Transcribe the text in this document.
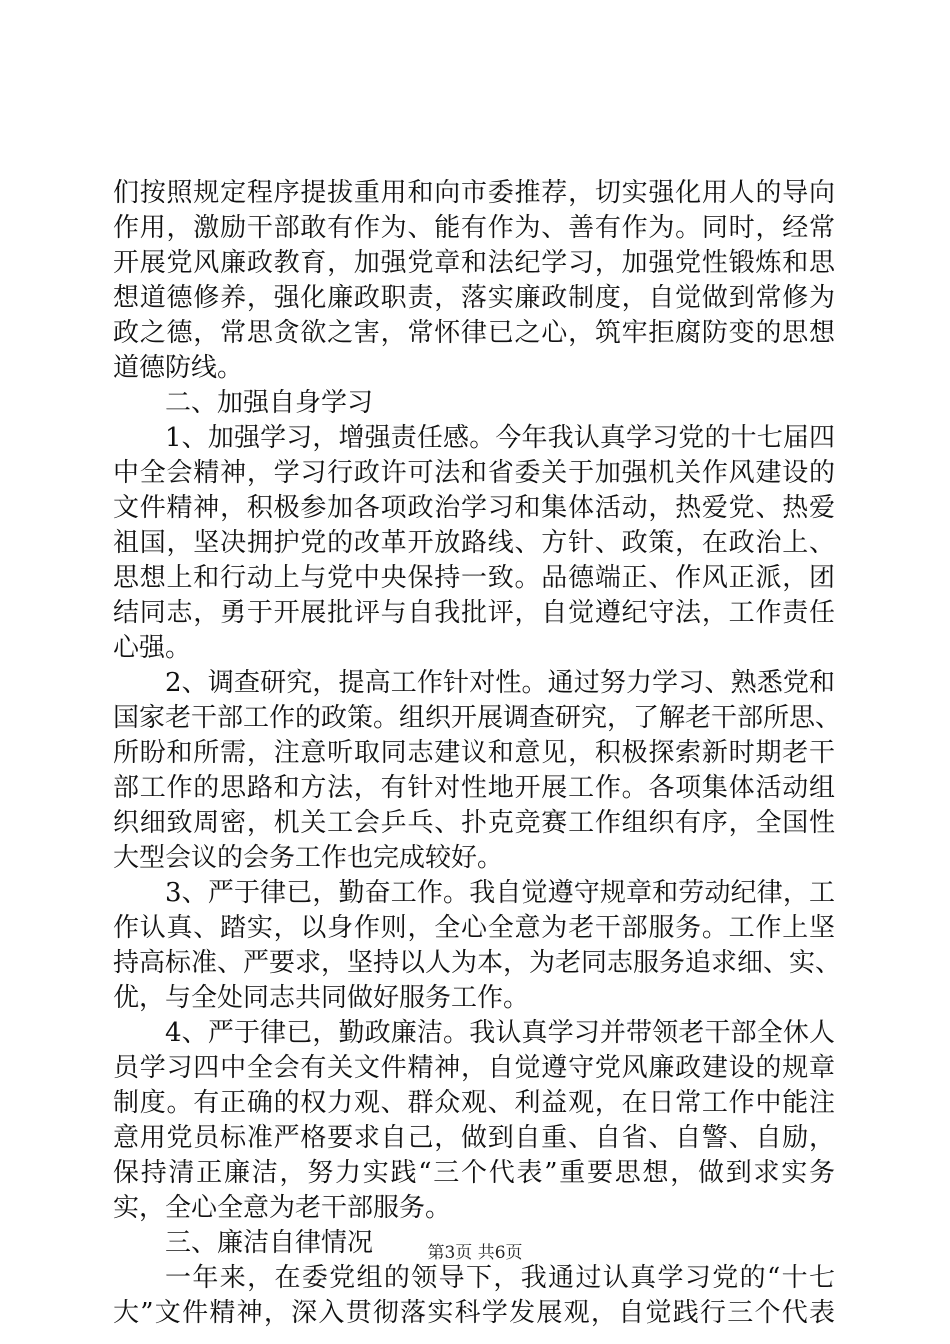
们按照规定程序提拔重用和向市委推荐，切实强化用人的导向
作用，激励干部敢有作为、能有作为、善有作为。同时，经常
开展党风廉政教育，加强党章和法纪学习，加强党性锻炼和思
想道德修养，强化廉政职责，落实廉政制度，自觉做到常修为
政之德，常思贪欲之害，常怀律已之心，筑牢拒腐防变的思想
道德防线。
二、加强自身学习
1、加强学习，增强责任感。今年我认真学习党的十七届四
中全会精神，学习行政许可法和省委关于加强机关作风建设的
文件精神，积极参加各项政治学习和集体活动，热爱党、热爱
祖国，坚决拥护党的改革开放路线、方针、政策，在政治上、
思想上和行动上与党中央保持一致。品德端正、作风正派，团
结同志，勇于开展批评与自我批评，自觉遵纪守法，工作责任
心强。
2、调查研究，提高工作针对性。通过努力学习、熟悉党和
国家老干部工作的政策。组织开展调查研究，了解老干部所思、
所盼和所需，注意听取同志建议和意见，积极探索新时期老干
部工作的思路和方法，有针对性地开展工作。各项集体活动组
织细致周密，机关工会乒乓、扑克竞赛工作组织有序，全国性
大型会议的会务工作也完成较好。
3、严于律已，勤奋工作。我自觉遵守规章和劳动纪律，工
作认真、踏实，以身作则，全心全意为老干部服务。工作上坚
持高标准、严要求，坚持以人为本，为老同志服务追求细、实、
优，与全处同志共同做好服务工作。
4、严于律已，勤政廉洁。我认真学习并带领老干部全休人
员学习四中全会有关文件精神，自觉遵守党风廉政建设的规章
制度。有正确的权力观、群众观、利益观，在日常工作中能注
意用党员标准严格要求自己，做到自重、自省、自警、自励，
保持清正廉洁，努力实践“三个代表”重要思想，做到求实务
实，全心全意为老干部服务。
三、廉洁自律情况
一年来，在委党组的领导下，我通过认真学习党的“十七
大”文件精神，深入贯彻落实科学发展观，自觉践行三个代表
第3页 共6页
